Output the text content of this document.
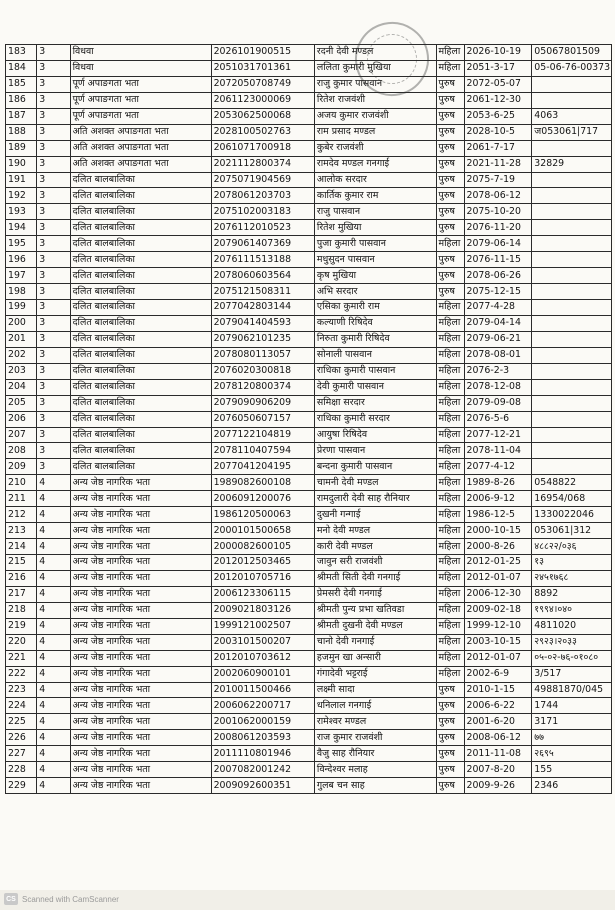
183	3	विधवा	2026101900515	रदनी देवी मण्डल	महिला	2026-10-19	05067801509
184	3	विधवा	2051031701361	ललिता कुमारी मुखिया	महिला	2051-3-17	05-06-76-00373
185	3	पूर्ण अपाङगता भता	2072050708749	राजु कुमार पासवान	पुरुष	2072-05-07	
186	3	पूर्ण अपाङगता भता	2061123000069	रितेश राजवंशी	पुरुष	2061-12-30	
187	3	पूर्ण अपाङगता भता	2053062500068	अजय कुमार राजवंशी	पुरुष	2053-6-25	4063
188	3	अति अशक्त अपाङगता भता	2028100502763	राम प्रसाद मण्डल	पुरुष	2028-10-5	ज053061|717
189	3	अति अशक्त अपाङगता भता	2061071700918	कुबेर राजवंशी	पुरुष	2061-7-17	
190	3	अति अशक्त अपाङगता भता	2021112800374	रामदेव मण्डल गनगाई	पुरुष	2021-11-28	32829
191	3	दलित बालबालिका	2075071904569	आलोक सरदार	पुरुष	2075-7-19	
192	3	दलित बालबालिका	2078061203703	कार्तिक कुमार राम	पुरुष	2078-06-12	
193	3	दलित बालबालिका	2075102003183	राजु पासवान	पुरुष	2075-10-20	
194	3	दलित बालबालिका	2076112010523	रितेश मुखिया	पुरुष	2076-11-20	
195	3	दलित बालबालिका	2079061407369	पुजा कुमारी पासवान	महिला	2079-06-14	
196	3	दलित बालबालिका	2076111513188	मधुसुदन पासवान	पुरुष	2076-11-15	
197	3	दलित बालबालिका	2078060603564	कृष मुखिया	पुरुष	2078-06-26	
198	3	दलित बालबालिका	2075121508311	अभि सरदार	पुरुष	2075-12-15	
199	3	दलित बालबालिका	2077042803144	एसिका कुमारी राम	महिला	2077-4-28	
200	3	दलित बालबालिका	2079041404593	कल्याणी रिषिदेव	महिला	2079-04-14	
201	3	दलित बालबालिका	2079062101235	निरुता कुमारी रिषिदेव	महिला	2079-06-21	
202	3	दलित बालबालिका	2078080113057	सोनाली पासवान	महिला	2078-08-01	
203	3	दलित बालबालिका	2076020300818	राधिका कुमारी पासवान	महिला	2076-2-3	
204	3	दलित बालबालिका	2078120800374	देवी कुमारी पासवान	महिला	2078-12-08	
205	3	दलित बालबालिका	2079090906209	समिक्षा सरदार	महिला	2079-09-08	
206	3	दलित बालबालिका	2076050607157	राधिका कुमारी सरदार	महिला	2076-5-6	
207	3	दलित बालबालिका	2077122104819	आयुषा रिषिदेव	महिला	2077-12-21	
208	3	दलित बालबालिका	2078110407594	प्रेरणा पासवान	महिला	2078-11-04	
209	3	दलित बालबालिका	2077041204195	बन्दना कुमारी पासवान	महिला	2077-4-12	
210	4	अन्य जेष्ठ नागरिक भता	1989082600108	चामनी देवी मण्डल	महिला	1989-8-26	0548822
211	4	अन्य जेष्ठ नागरिक भता	2006091200076	रामदुलारी देवी साह रौनियार	महिला	2006-9-12	16954/068
212	4	अन्य जेष्ठ नागरिक भता	1986120500063	दुखनी गन्गाई	महिला	1986-12-5	1330022046
213	4	अन्य जेष्ठ नागरिक भता	2000101500658	मनो देवी मण्डल	महिला	2000-10-15	053061|312
214	4	अन्य जेष्ठ नागरिक भता	2000082600105	कारी देवी मण्डल	महिला	2000-8-26	४८८२२/०३६
215	4	अन्य जेष्ठ नागरिक भता	2012012503465	जावुन सरी राजवंशी	महिला	2012-01-25	१३
216	4	अन्य जेष्ठ नागरिक भता	2012010705716	श्रीमती सिती देवी गनगाई	महिला	2012-01-07	२४५१७६८
217	4	अन्य जेष्ठ नागरिक भता	2006123306115	प्रेमसरी देवी गनगाई	महिला	2006-12-30	8892
218	4	अन्य जेष्ठ नागरिक भता	2009021803126	श्रीमती पुन्य प्रभा खतिवडा	महिला	2009-02-18	१९९४।०४०
219	4	अन्य जेष्ठ नागरिक भता	1999121002507	श्रीमती दुखनी देवी मण्डल	महिला	1999-12-10	4811020
220	4	अन्य जेष्ठ नागरिक भता	2003101500207	चानो देवी गनगाई	महिला	2003-10-15	२९२३।२०३३
221	4	अन्य जेष्ठ नागरिक भता	2012010703612	हजमुन खा अन्सारी	महिला	2012-01-07	०५-०२-७६-०१०८०
222	4	अन्य जेष्ठ नागरिक भता	2002060900101	गंगादेवी भट्टराई	महिला	2002-6-9	3/517
223	4	अन्य जेष्ठ नागरिक भता	2010011500466	लक्ष्मी सादा	पुरुष	2010-1-15	49881870/045
224	4	अन्य जेष्ठ नागरिक भता	2006062200717	धनिलाल गनगाई	पुरुष	2006-6-22	1744
225	4	अन्य जेष्ठ नागरिक भता	2001062000159	रामेश्वर मण्डल	पुरुष	2001-6-20	3171
226	4	अन्य जेष्ठ नागरिक भता	2008061203593	राज कुमार राजवंशी	पुरुष	2008-06-12	७७
227	4	अन्य जेष्ठ नागरिक भता	2011110801946	वैजु साह रौनियार	पुरुष	2011-11-08	२६९५
228	4	अन्य जेष्ठ नागरिक भता	2007082001242	विन्देश्वर मलाह	पुरुष	2007-8-20	155
229	4	अन्य जेष्ठ नागरिक भता	2009092600351	गुलब चन साह	पुरुष	2009-9-26	2346
CS Scanned with CamScanner
